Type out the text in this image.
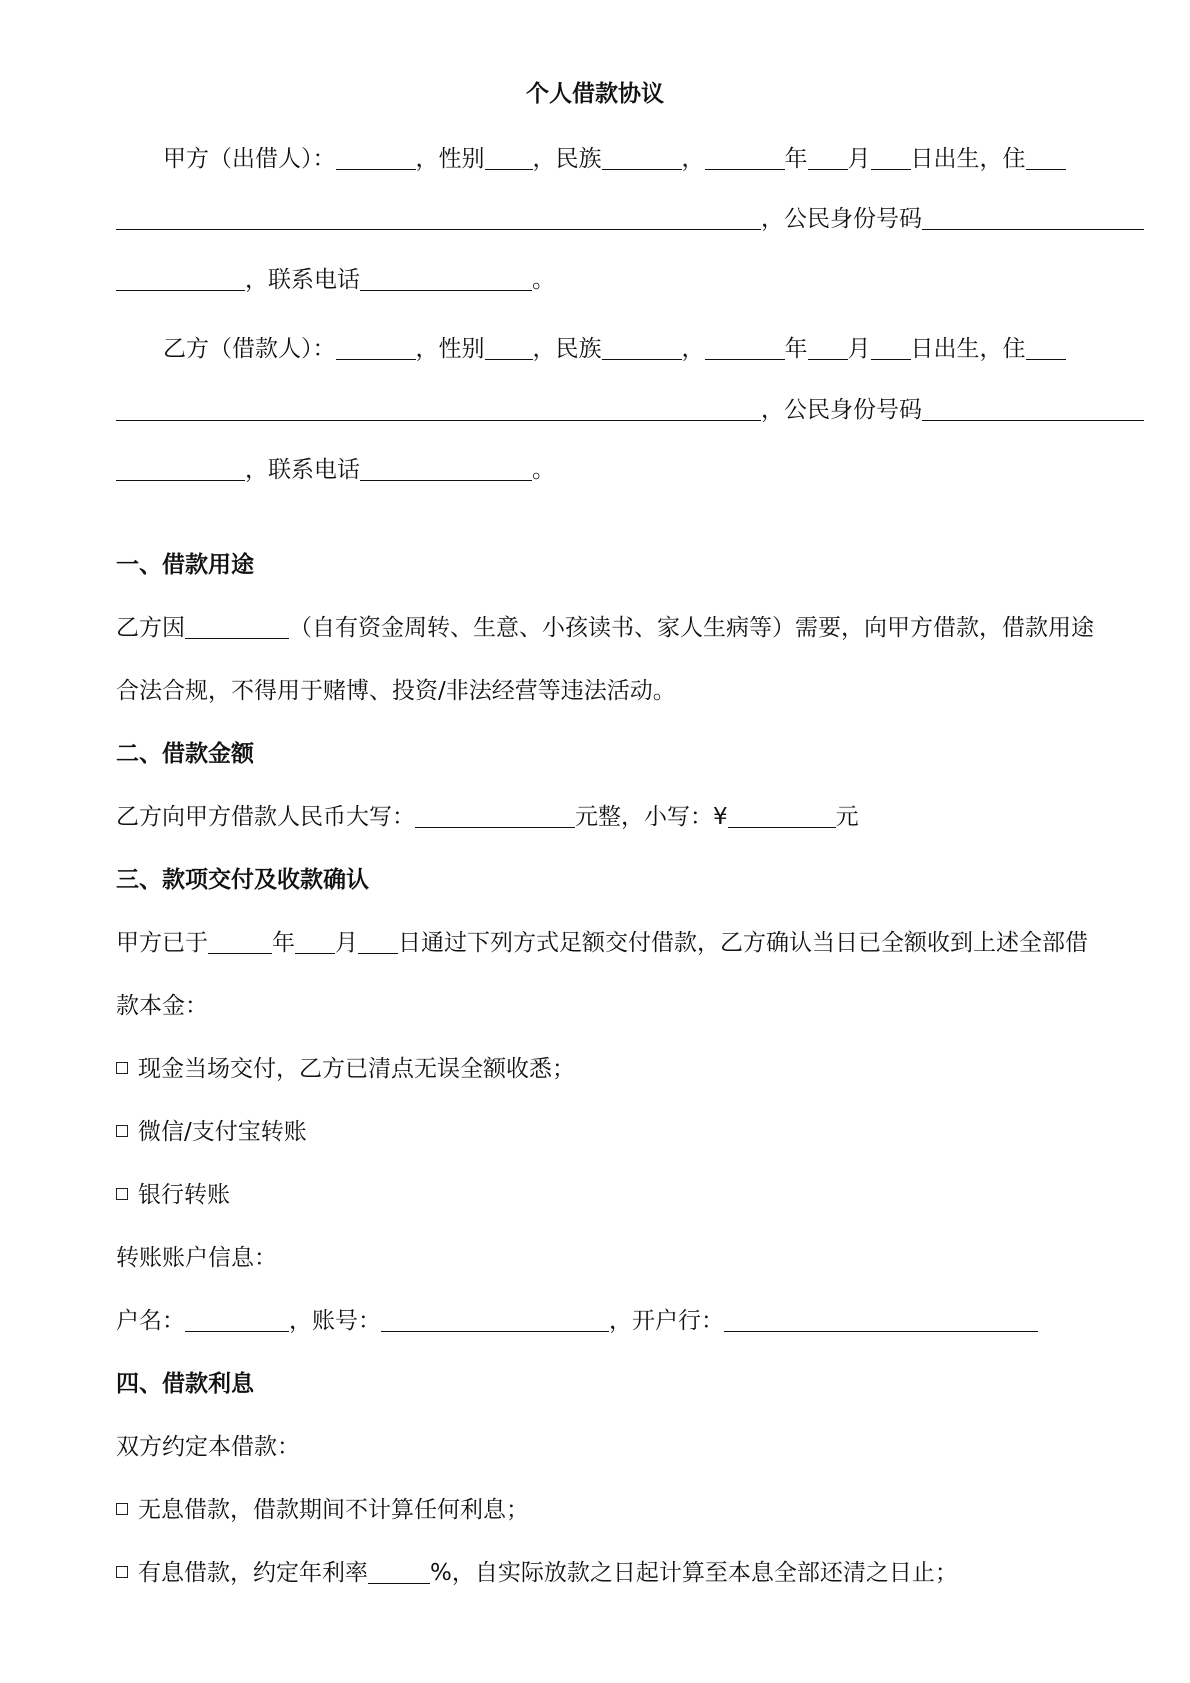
个人借款协议
甲方（出借人）：	，性别 ，民族	，	年 月 日出生，住
，公民身份号码
，联系电话	。
乙方（借款人）：	，性别 ，民族	，	年 月 日出生，住
，公民身份号码
，联系电话	。
一、借款用途
乙方因	（自有资金周转、生意、小孩读书、家人生病等）需要，向甲方借款，借款用途
合法合规，不得用于赌博、投资/非法经营等违法活动。
二、借款金额
乙方向甲方借款人民币大写：	元整，小写：¥	元
三、款项交付及收款确认
甲方已于	年 月 日通过下列方式足额交付借款，乙方确认当日已全额收到上述全部借
款本金：
现金当场交付，乙方已清点无误全额收悉；
微信/支付宝转账
银行转账
转账账户信息：
户名：	，账号：	，开户行：
四、借款利息
双方约定本借款：
无息借款，借款期间不计算任何利息；
有息借款，约定年利率	%，自实际放款之日起计算至本息全部还清之日止；
